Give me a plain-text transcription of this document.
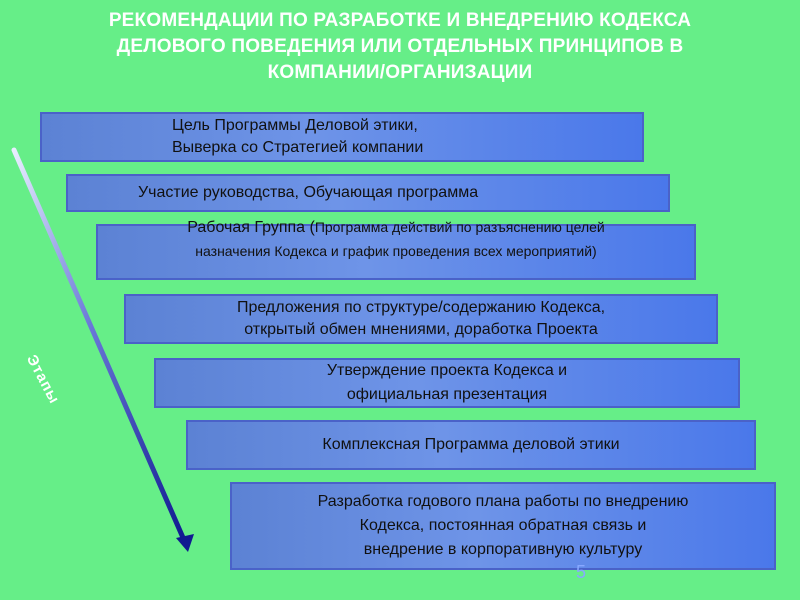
РЕКОМЕНДАЦИИ ПО РАЗРАБОТКЕ И ВНЕДРЕНИЮ КОДЕКСА
ДЕЛОВОГО ПОВЕДЕНИЯ ИЛИ ОТДЕЛЬНЫХ ПРИНЦИПОВ В
КОМПАНИИ/ОРГАНИЗАЦИИ
Этапы
Цель Программы Деловой этики,
Выверка со Стратегией компании
Участие руководства, Обучающая программа
Рабочая Группа (Программа действий по разъяснению целей
назначения Кодекса и график проведения всех мероприятий)
Предложения по структуре/содержанию Кодекса,
открытый обмен мнениями, доработка Проекта
Утверждение проекта Кодекса и
официальная презентация
Комплексная Программа деловой этики
Разработка годового плана работы по внедрению
Кодекса, постоянная обратная связь и
внедрение в корпоративную культуру
5
